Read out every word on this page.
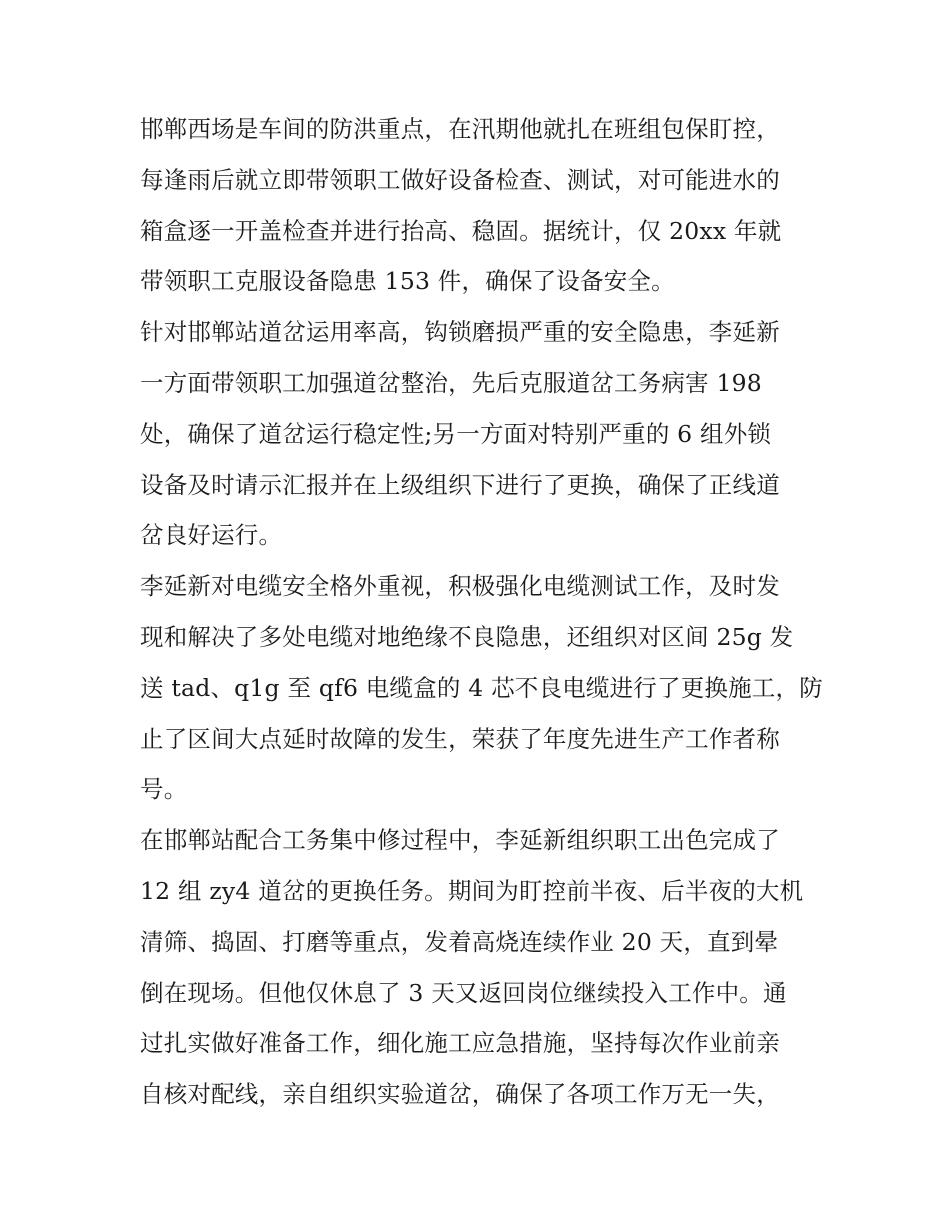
邯郸西场是车间的防洪重点，在汛期他就扎在班组包保盯控，
每逢雨后就立即带领职工做好设备检查、测试，对可能进水的
箱盒逐一开盖检查并进行抬高、稳固。据统计，仅 20xx 年就
带领职工克服设备隐患 153 件，确保了设备安全。
针对邯郸站道岔运用率高，钩锁磨损严重的安全隐患，李延新
一方面带领职工加强道岔整治，先后克服道岔工务病害 198
处，确保了道岔运行稳定性;另一方面对特别严重的 6 组外锁
设备及时请示汇报并在上级组织下进行了更换，确保了正线道
岔良好运行。
李延新对电缆安全格外重视，积极强化电缆测试工作，及时发
现和解决了多处电缆对地绝缘不良隐患，还组织对区间 25g 发
送 tad、q1g 至 qf6 电缆盒的 4 芯不良电缆进行了更换施工，防
止了区间大点延时故障的发生，荣获了年度先进生产工作者称
号。
在邯郸站配合工务集中修过程中，李延新组织职工出色完成了
12 组 zy4 道岔的更换任务。期间为盯控前半夜、后半夜的大机
清筛、捣固、打磨等重点，发着高烧连续作业 20 天，直到晕
倒在现场。但他仅休息了 3 天又返回岗位继续投入工作中。通
过扎实做好准备工作，细化施工应急措施，坚持每次作业前亲
自核对配线，亲自组织实验道岔，确保了各项工作万无一失，
